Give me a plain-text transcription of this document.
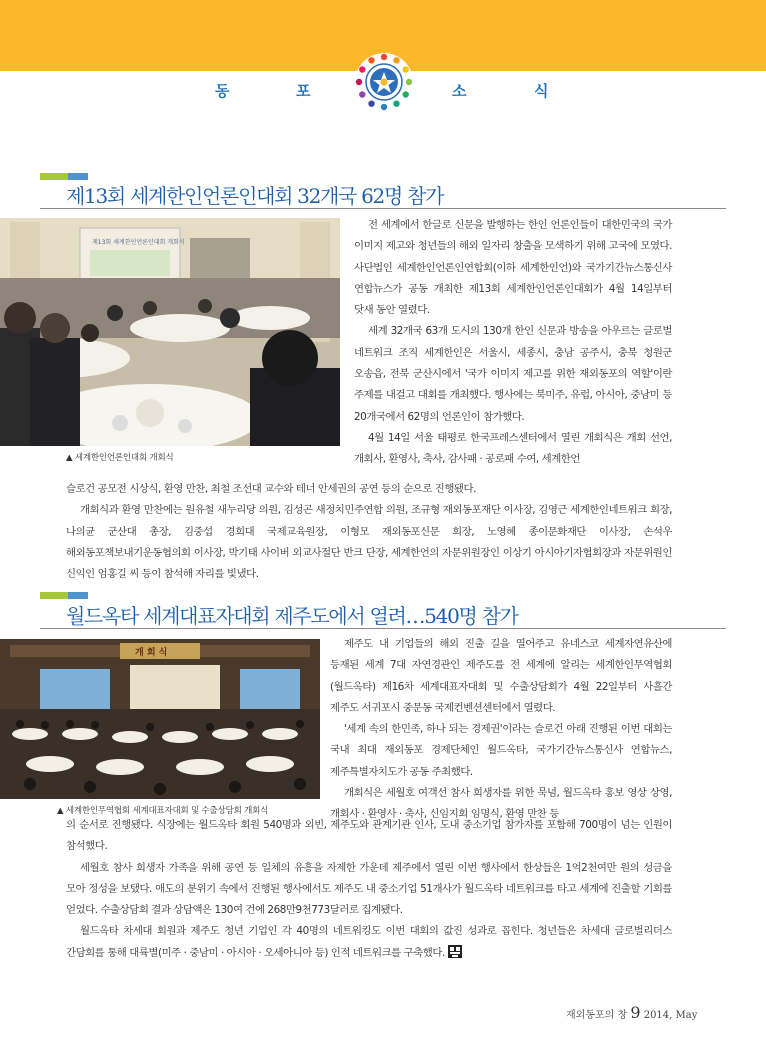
동	포	소	식
제13회 세계한인언론인대회 32개국 62명 참가
제13회 세계한인언론인대회 개회식
▲ 세계한인언론인대회 개회식

전 세계에서 한글로 신문을 발행하는 한인 언론인들이 대한민국의 국가 이미지 제고와 청년들의 해외 일자리 창출을 모색하기 위해 고국에 모였다. 사단법인 세계한인언론인연합회(이하 세계한인언)와 국가기간뉴스통신사 연합뉴스가 공동 개최한 제13회 세계한인언론인대회가 4월 14일부터 닷새 동안 열렸다.

세계 32개국 63개 도시의 130개 한인 신문과 방송을 아우르는 글로벌 네트워크 조직 세계한인은 서울시, 세종시, 충남 공주시, 충북 청원군 오송읍, 전북 군산시에서 '국가 이미지 제고를 위한 재외동포의 역할'이란 주제를 내걸고 대회를 개최했다. 행사에는 북미주, 유럽, 아시아, 중남미 등 20개국에서 62명의 언론인이 참가했다.

4월 14일 서울 태평로 한국프레스센터에서 열린 개회식은 개회 선언, 개회사, 환영사, 축사, 감사패 · 공로패 수여, 세계한언

슬로건 공모전 시상식, 환영 만찬, 최철 조선대 교수와 테너 안세권의 공연 등의 순으로 진행됐다.

개회식과 환영 만찬에는 원유철 새누리당 의원, 김성곤 새정치민주연합 의원, 조규형 재외동포재단 이사장, 김영근 세계한인네트워크 회장, 나의균 군산대 총장, 김중섭 경희대 국제교육원장, 이형모 재외동포신문 회장, 노영혜 종이문화재단 이사장, 손석우 해외동포책보내기운동협의회 이사장, 박기태 사이버 외교사절단 반크 단장, 세계한언의 자문위원장인 이상기 아시아기자협회장과 자문위원인 신익인 엄홍길 씨 등이 참석해 자리를 빛냈다.

월드옥타 세계대표자대회 제주도에서 열려…540명 참가
개 회 식
▲ 세계한인무역협회 세계대표자대회 및 수출상담회 개회식

제주도 내 기업들의 해외 진출 길을 열어주고 유네스코 세계자연유산에 등재된 세계 7대 자연경관인 제주도를 전 세계에 알리는 세계한인무역협회(월드옥타) 제16차 세계대표자대회 및 수출상담회가 4월 22일부터 사흘간 제주도 서귀포시 중문동 국제컨벤션센터에서 열렸다.

'세계 속의 한민족, 하나 되는 경제권'이라는 슬로건 아래 진행된 이번 대회는 국내 최대 재외동포 경제단체인 월드옥타, 국가기간뉴스통신사 연합뉴스, 제주특별자치도가 공동 주최했다.

개회식은 세월호 여객선 참사 희생자를 위한 묵념, 월드옥타 홍보 영상 상영, 개회사 · 환영사 · 축사, 신임지회 임명식, 환영 만찬 등

의 순서로 진행됐다. 식장에는 월드옥타 회원 540명과 외빈, 제주도와 관계기관 인사, 도내 중소기업 참가자를 포함해 700명이 넘는 인원이 참석했다.

세월호 참사 희생자 가족을 위해 공연 등 일체의 유흥을 자제한 가운데 제주에서 열린 이번 행사에서 한상들은 1억2천여만 원의 성금을 모아 정성을 보탰다. 애도의 분위기 속에서 진행된 행사에서도 제주도 내 중소기업 51개사가 월드옥타 네트워크를 타고 세계에 진출할 기회를 얻었다. 수출상담회 결과 상담액은 130여 건에 268만9천773달러로 집계됐다.

월드옥타 차세대 회원과 제주도 청년 기업인 각 40명의 네트워킹도 이번 대회의 값진 성과로 꼽힌다. 청년들은 차세대 글로벌리더스 간담회를 통해 대륙별(미주 · 중남미 · 아시아 · 오세아니아 등) 인적 네트워크를 구축했다.

재외동포의 창 9 2014, May
